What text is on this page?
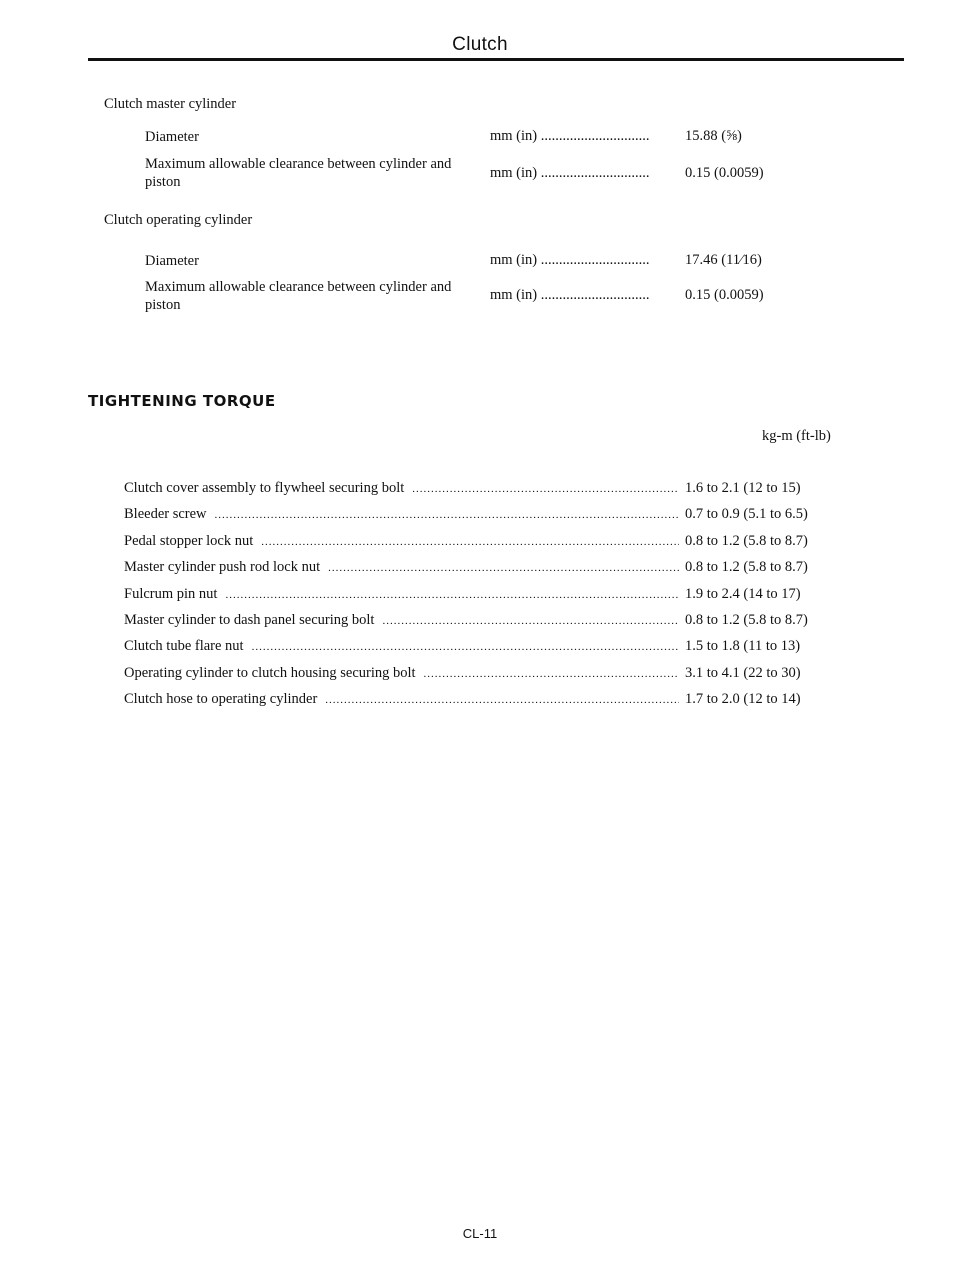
Clutch
Clutch master cylinder
Diameter	mm (in) ..............................	15.88 (⅝)
Maximum allowable clearance between cylinder and piston
mm (in) ..............................	0.15 (0.0059)
Clutch operating cylinder
Diameter	mm (in) ..............................	17.46 (11⁄16)
Maximum allowable clearance between cylinder and piston
mm (in) ..............................	0.15 (0.0059)
TIGHTENING TORQUE
kg-m (ft-lb)
Clutch cover assembly to flywheel securing bolt .....	1.6 to 2.1 (12 to 15)
Bleeder screw .....	0.7 to 0.9 (5.1 to 6.5)
Pedal stopper lock nut .....	0.8 to 1.2 (5.8 to 8.7)
Master cylinder push rod lock nut .....	0.8 to 1.2 (5.8 to 8.7)
Fulcrum pin nut .....	1.9 to 2.4 (14 to 17)
Master cylinder to dash panel securing bolt .....	0.8 to 1.2 (5.8 to 8.7)
Clutch tube flare nut .....	1.5 to 1.8 (11 to 13)
Operating cylinder to clutch housing securing bolt .....	3.1 to 4.1 (22 to 30)
Clutch hose to operating cylinder .....	1.7 to 2.0 (12 to 14)
CL-11
